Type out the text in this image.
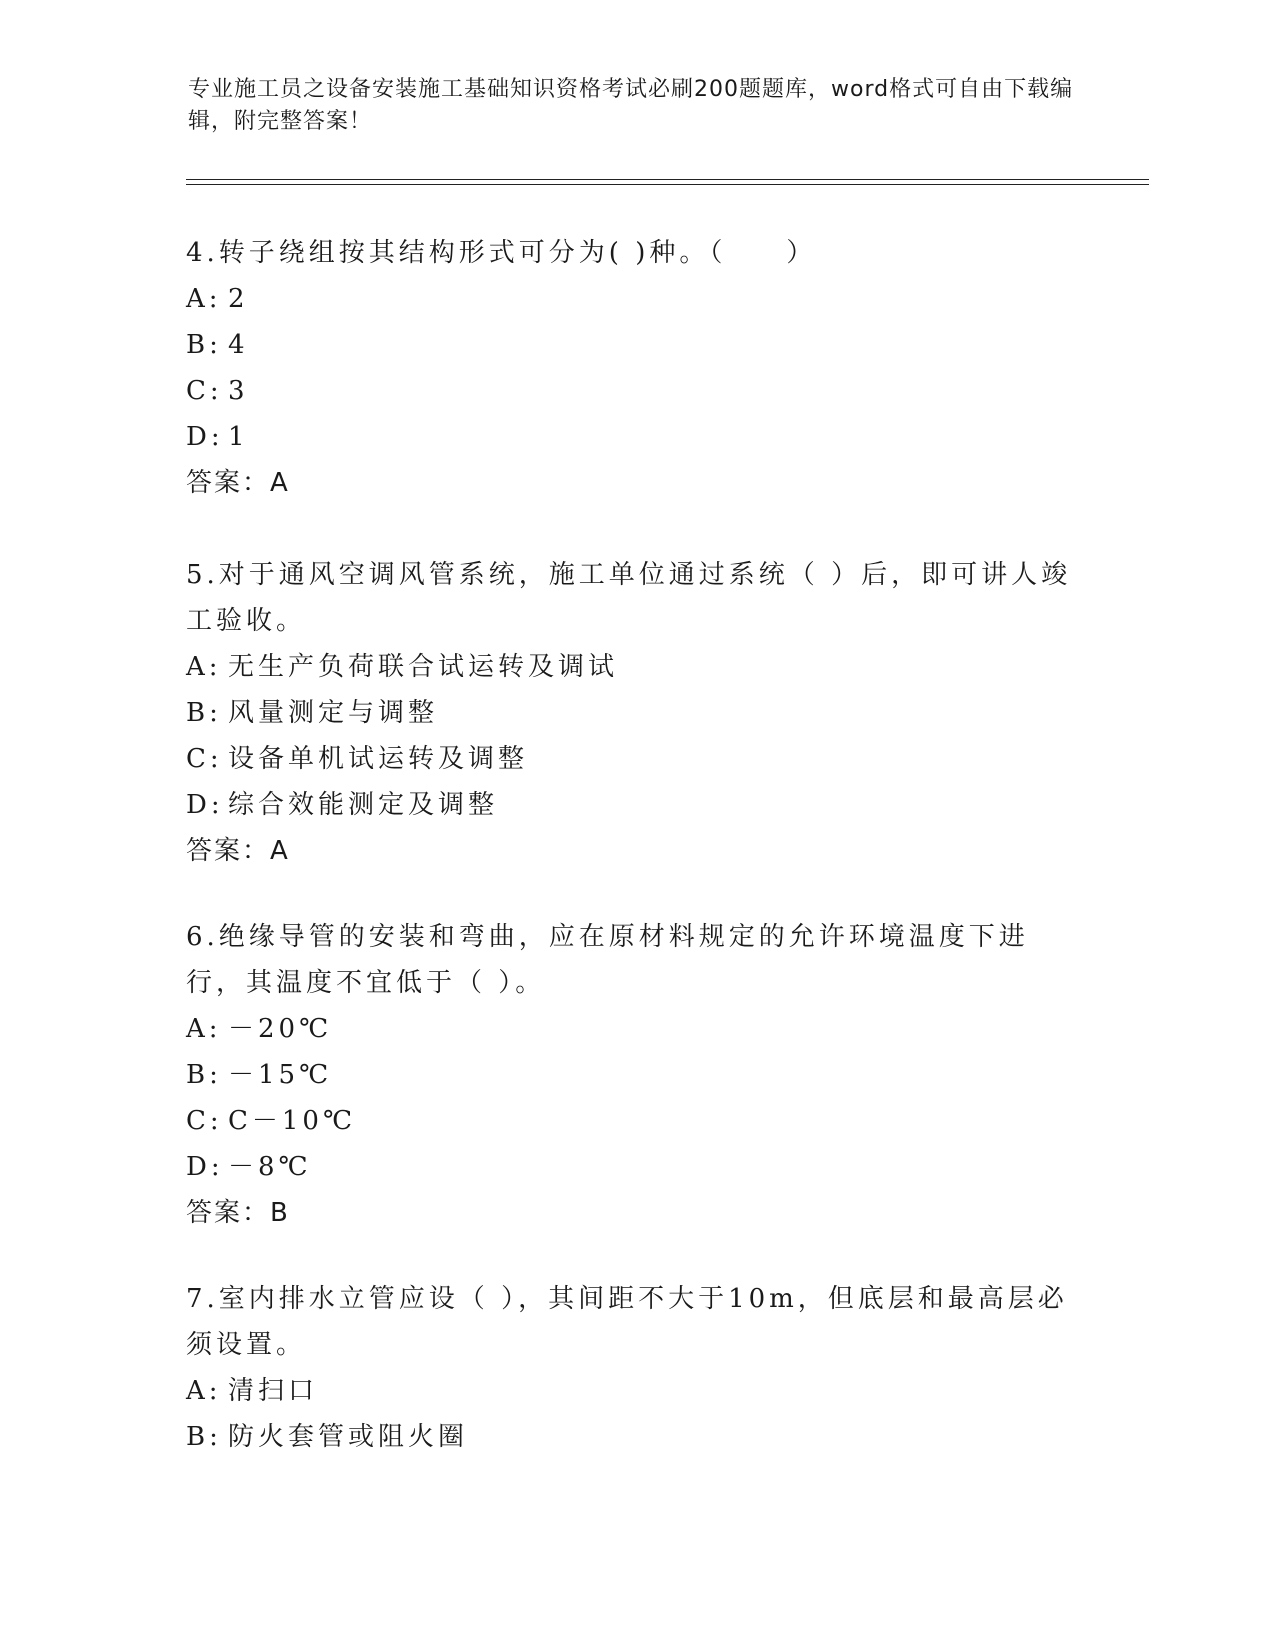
专业施工员之设备安装施工基础知识资格考试必刷200题题库，word格式可自由下载编辑，附完整答案！
4.转子绕组按其结构形式可分为( )种。（　　）
A: 2
B: 4
C: 3
D: 1
答案：A
5.对于通风空调风管系统，施工单位通过系统（ ）后，即可讲人竣工验收。
A: 无生产负荷联合试运转及调试
B: 风量测定与调整
C: 设备单机试运转及调整
D: 综合效能测定及调整
答案：A
6.绝缘导管的安装和弯曲，应在原材料规定的允许环境温度下进行，其温度不宜低于（ ）。
A: －20℃
B: －15℃
C: C－10℃
D: －8℃
答案：B
7.室内排水立管应设（ ），其间距不大于10m，但底层和最高层必须设置。
A: 清扫口
B: 防火套管或阻火圈
